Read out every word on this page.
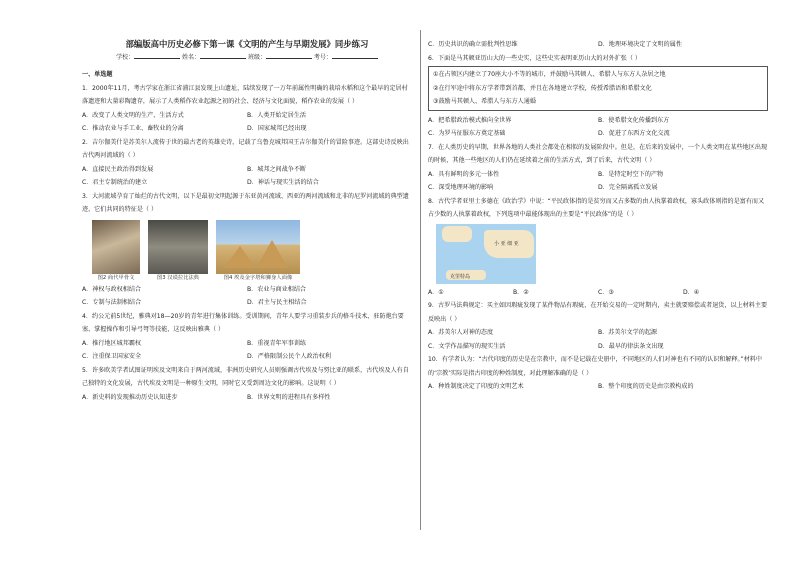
部编版高中历史必修下第一课《文明的产生与早期发展》同步练习
学校：	姓名：	班级：	考号：
一、单选题
1．2000年11月，考古学家在浙江省浦江县发现上山遗址，陆续发现了一万年前属性明确的栽培水稻和这个最早的定居村落遗迹和大量彩陶遗存，展示了人类稻作农业起源之初的社会、经济与文化面貌，稻作农业的发展（ ）
A．改变了人类文明的生产、生活方式	B．人类开始定居生活
C．推动农业与手工业、畜牧业的分离	D．国家城邦已经出现
2．吉尔伽美什是苏美尔人流传于世的最古老的英雄史诗，记载了乌鲁克城邦国王吉尔伽美什的冒险事迹。这部史诗反映出古代两河流域的（ ）
A．直接民主政治得到发展	B．城邦之间战争不断
C．君主专制统治的建立	D．神话与现实生活的结合
3．大河流域孕育了灿烂的古代文明，以下是最初文明起源于东亚黄河流域、西亚的两河流域和北非的尼罗河流域的典型遗迹，它们共同的特征是（ ）
图2 商代甲骨文	图3 汉谟拉比法典	图4 埃及金字塔和狮身人面像
A．神权与政权相结合	B．农业与商业相结合
C．专制与法制相结合	D．君主与民主相结合
4．约公元前5世纪，雅典对18—20岁的青年进行集体训练。受训期间，青年人要学习重装步兵的格斗技术、驻防炮台要塞、掌握操作和引导弓弩等技能，这反映出雅典（ ）
A．推行地区城邦霸权	B．重视青年军事训练
C．注重保卫国家安全	D．严格限制公民个人政治权利
5．许多欧美学者试图证明埃及文明来自于两河流域，非洲历史研究人员则强调古代埃及与努比亚的联系，古代埃及人有自己独特的文化发展，古代埃及文明是一种原生文明，同时它又受到周边文化的影响。这说明（ ）
A．新史料的发现推动历史认知进步	B．世界文明的进程具有多样性
C．历史共识的确立需批判性思维	D．地理环境决定了文明的属性
6．下面是马其顿亚历山大的一些史实，这些史实表明亚历山大的对外扩张（ ）
①在占领区内建立了70座大小不等的城市，并鼓励马其顿人、希腊人与东方人杂居之地
②在行军途中将东方学者带到首都，并且在各地建立学校，传授希腊语和希腊文化
③鼓励马其顿人、希腊人与东方人通婚
A．把希腊政治模式推向全世界	B．使希腊文化传播到东方
C．为罗马征服东方奠定基础	D．促进了东西方文化交流
7．在人类历史的早期，世界各地的人类社会都处在相似的发展阶段中。但是，在后来的发展中，一个人类文明在某些地区出现的时候，其他一些地区的人们仍在延续着之前的生活方式，到了后来，古代文明（ ）
A．具有鲜明的多元一体性	B．是特定时空下的产物
C．深受地理环境的影响	D．完全隔离孤立发展
8．古代学者亚里士多德在《政治学》中说：“平民政体指的是贫穷而又占多数的由人执掌着政权，寡头政体则指的是富有而又占少数的人执掌着政权，下列选项中最能体现出的主要是“平民政体”的是（ ）
小 亚 细 亚
克里特岛
A．①	B．②	C．③	D．④
9．古罗马法典规定：买主如因瑕疵发现了某件物品有瑕疵，在开始交易的一定时期内，卖主就要赔偿或者退货，以上材料主要反映出（ ）
A．苏美尔人对神的态度	B．苏美尔文学的起源
C．文学作品描写的现实生活	D．最早的律法条文出现
10．有学者认为：“古代印度的历史是在宗教中，而不是记载在史册中，不同地区的人们对神也有不同的认识和解释。”材料中的‘宗教’实际是指古印度的种姓制度，对此理解准确的是（ ）
A．种姓制度决定了印度的文明艺术	B．整个印度的历史是由宗教构成的
